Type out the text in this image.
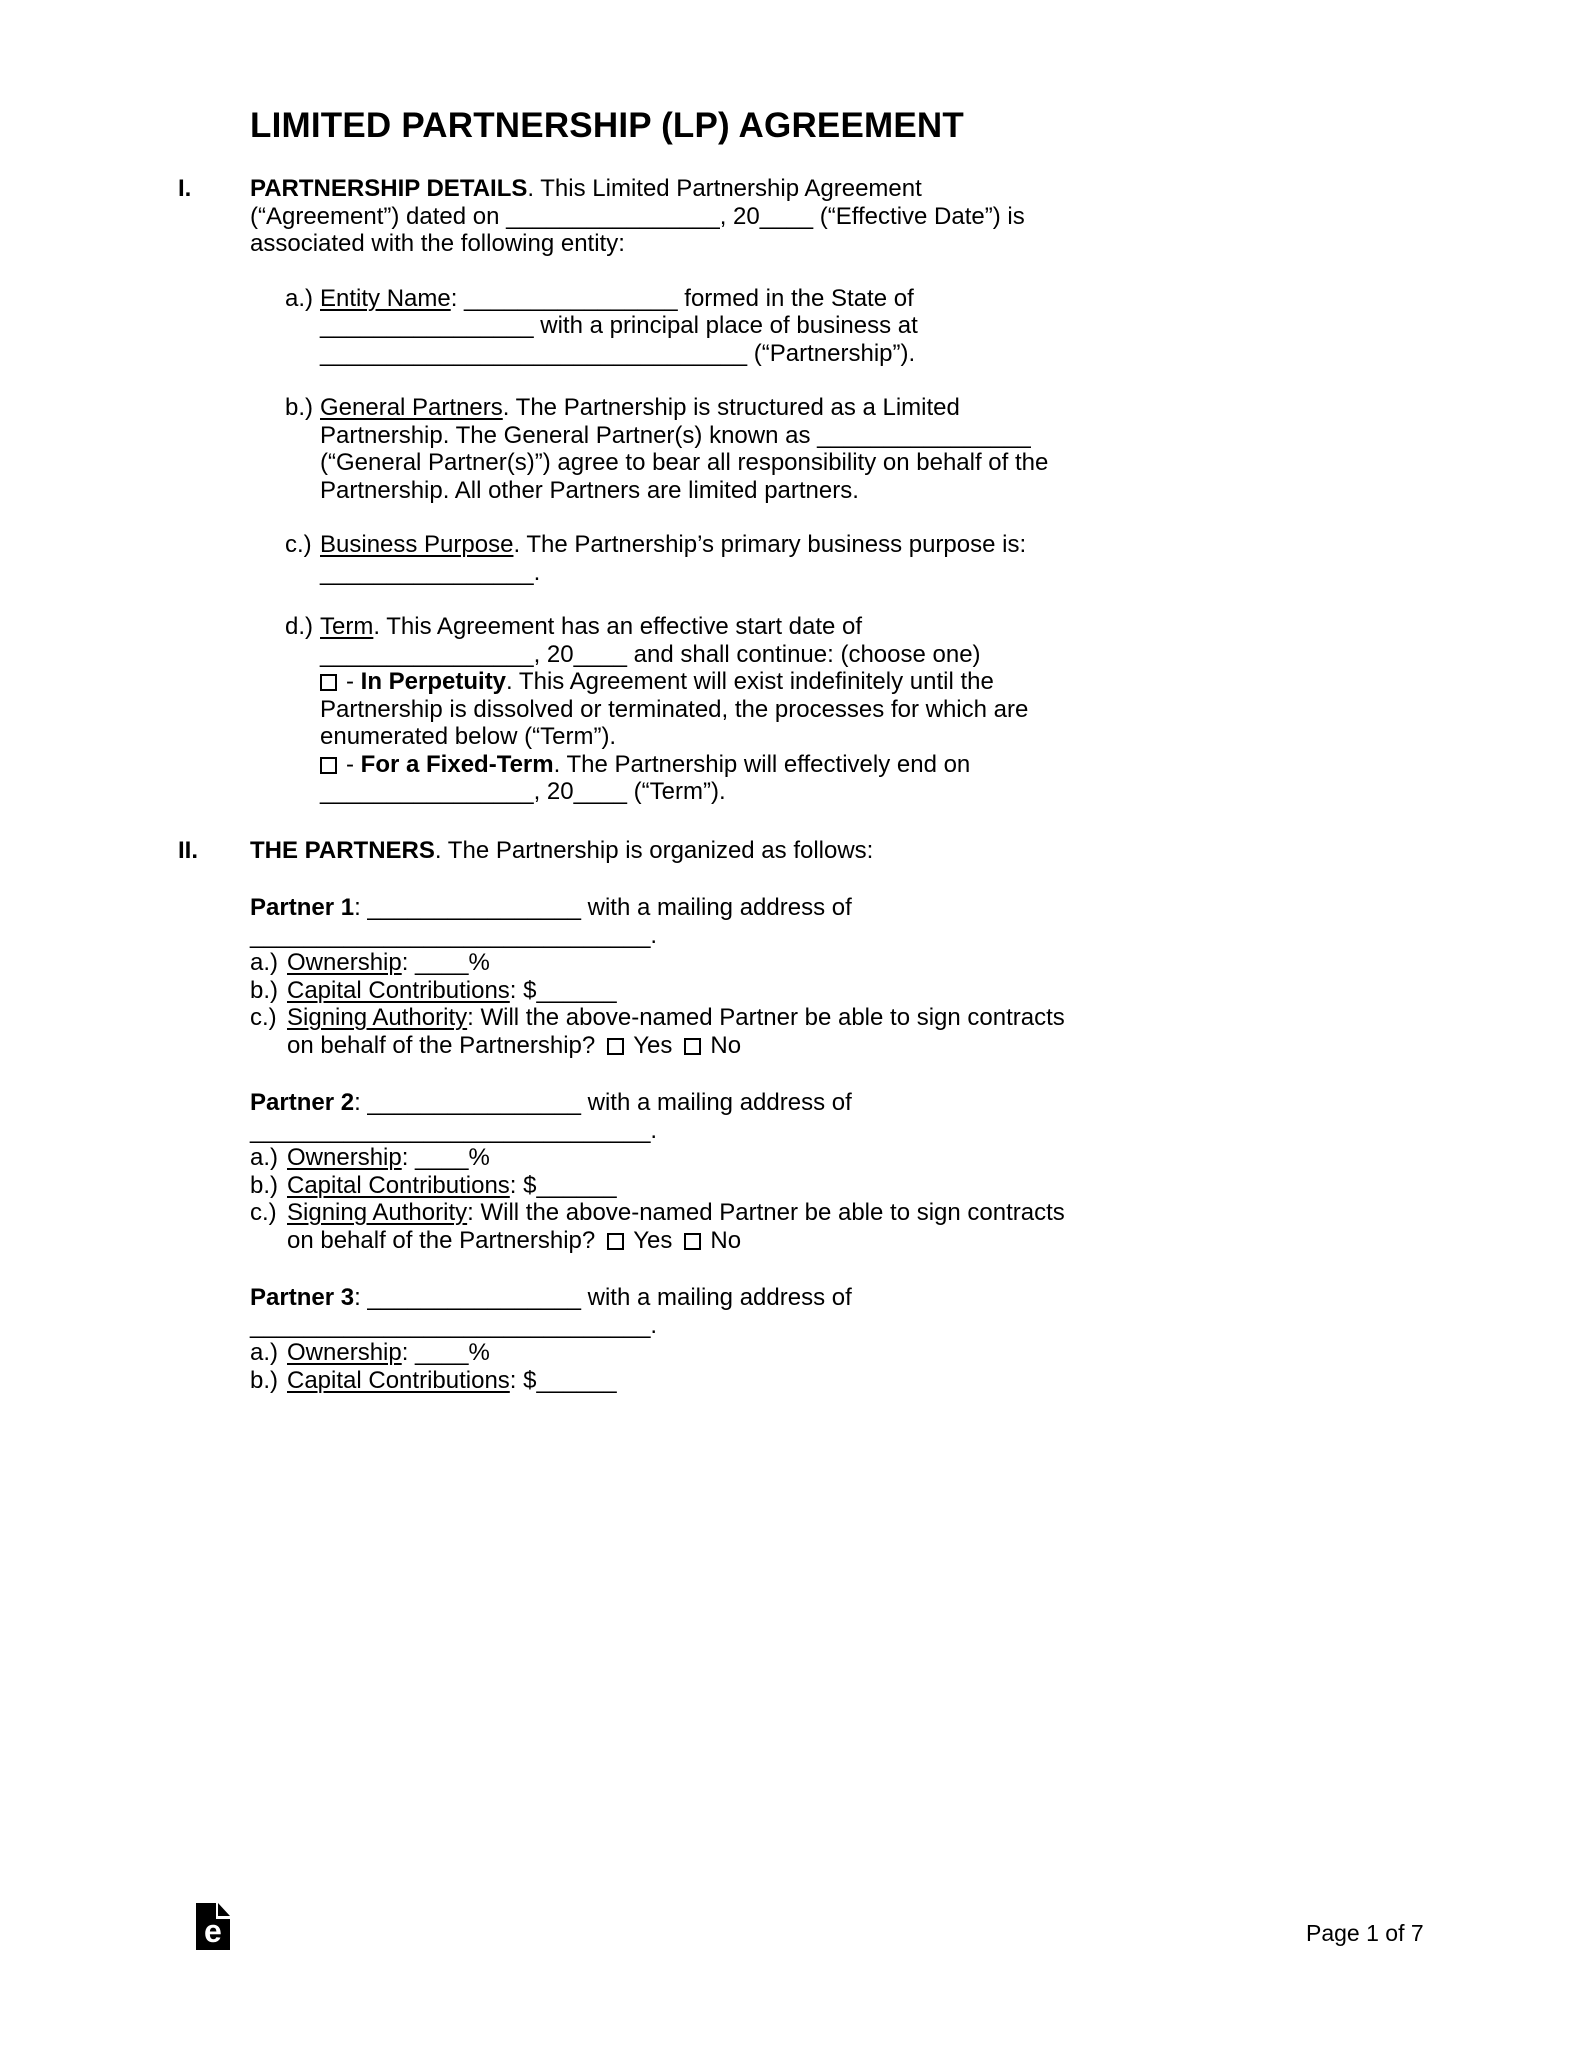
LIMITED PARTNERSHIP (LP) AGREEMENT
I. PARTNERSHIP DETAILS. This Limited Partnership Agreement
(“Agreement”) dated on ________________, 20____ (“Effective Date”) is
associated with the following entity:
a.) Entity Name: ________________ formed in the State of
________________ with a principal place of business at
________________________________ (“Partnership”).
b.) General Partners. The Partnership is structured as a Limited
Partnership. The General Partner(s) known as ________________
(“General Partner(s)”) agree to bear all responsibility on behalf of the
Partnership. All other Partners are limited partners.
c.) Business Purpose. The Partnership’s primary business purpose is:
________________.
d.) Term. This Agreement has an effective start date of
________________, 20____ and shall continue: (choose one)
- In Perpetuity. This Agreement will exist indefinitely until the
Partnership is dissolved or terminated, the processes for which are
enumerated below (“Term”).
- For a Fixed-Term. The Partnership will effectively end on
________________, 20____ (“Term”).
II. THE PARTNERS. The Partnership is organized as follows:
Partner 1: ________________ with a mailing address of
______________________________.
a.) Ownership: ____%
b.) Capital Contributions: $______
c.) Signing Authority: Will the above-named Partner be able to sign contracts
on behalf of the Partnership? Yes No
Partner 2: ________________ with a mailing address of
______________________________.
a.) Ownership: ____%
b.) Capital Contributions: $______
c.) Signing Authority: Will the above-named Partner be able to sign contracts
on behalf of the Partnership? Yes No
Partner 3: ________________ with a mailing address of
______________________________.
a.) Ownership: ____%
b.) Capital Contributions: $______
e	Page 1 of 7
